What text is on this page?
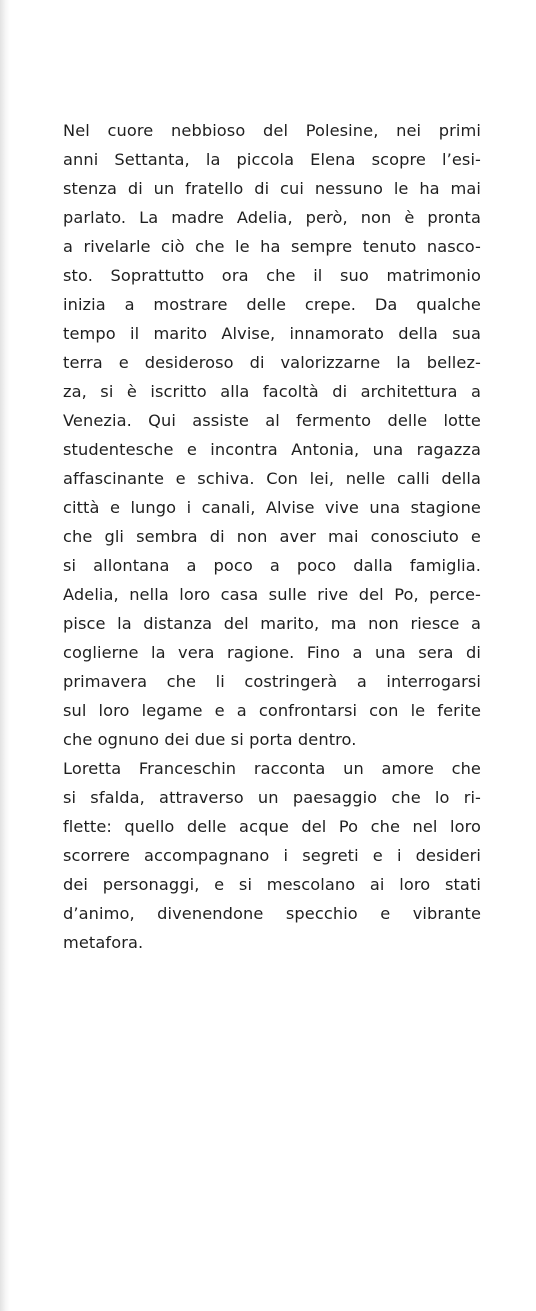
Nel cuore nebbioso del Polesine, nei primi
anni Settanta, la piccola Elena scopre l’esi-
stenza di un fratello di cui nessuno le ha mai
parlato. La madre Adelia, però, non è pronta
a rivelarle ciò che le ha sempre tenuto nasco-
sto. Soprattutto ora che il suo matrimonio
inizia a mostrare delle crepe. Da qualche
tempo il marito Alvise, innamorato della sua
terra e desideroso di valorizzarne la bellez-
za, si è iscritto alla facoltà di architettura a
Venezia. Qui assiste al fermento delle lotte
studentesche e incontra Antonia, una ragazza
affascinante e schiva. Con lei, nelle calli della
città e lungo i canali, Alvise vive una stagione
che gli sembra di non aver mai conosciuto e
si allontana a poco a poco dalla famiglia.
Adelia, nella loro casa sulle rive del Po, perce-
pisce la distanza del marito, ma non riesce a
coglierne la vera ragione. Fino a una sera di
primavera che li costringerà a interrogarsi
sul loro legame e a confrontarsi con le ferite
che ognuno dei due si porta dentro.
Loretta Franceschin racconta un amore che
si sfalda, attraverso un paesaggio che lo ri-
flette: quello delle acque del Po che nel loro
scorrere accompagnano i segreti e i desideri
dei personaggi, e si mescolano ai loro stati
d’animo, divenendone specchio e vibrante
metafora.
